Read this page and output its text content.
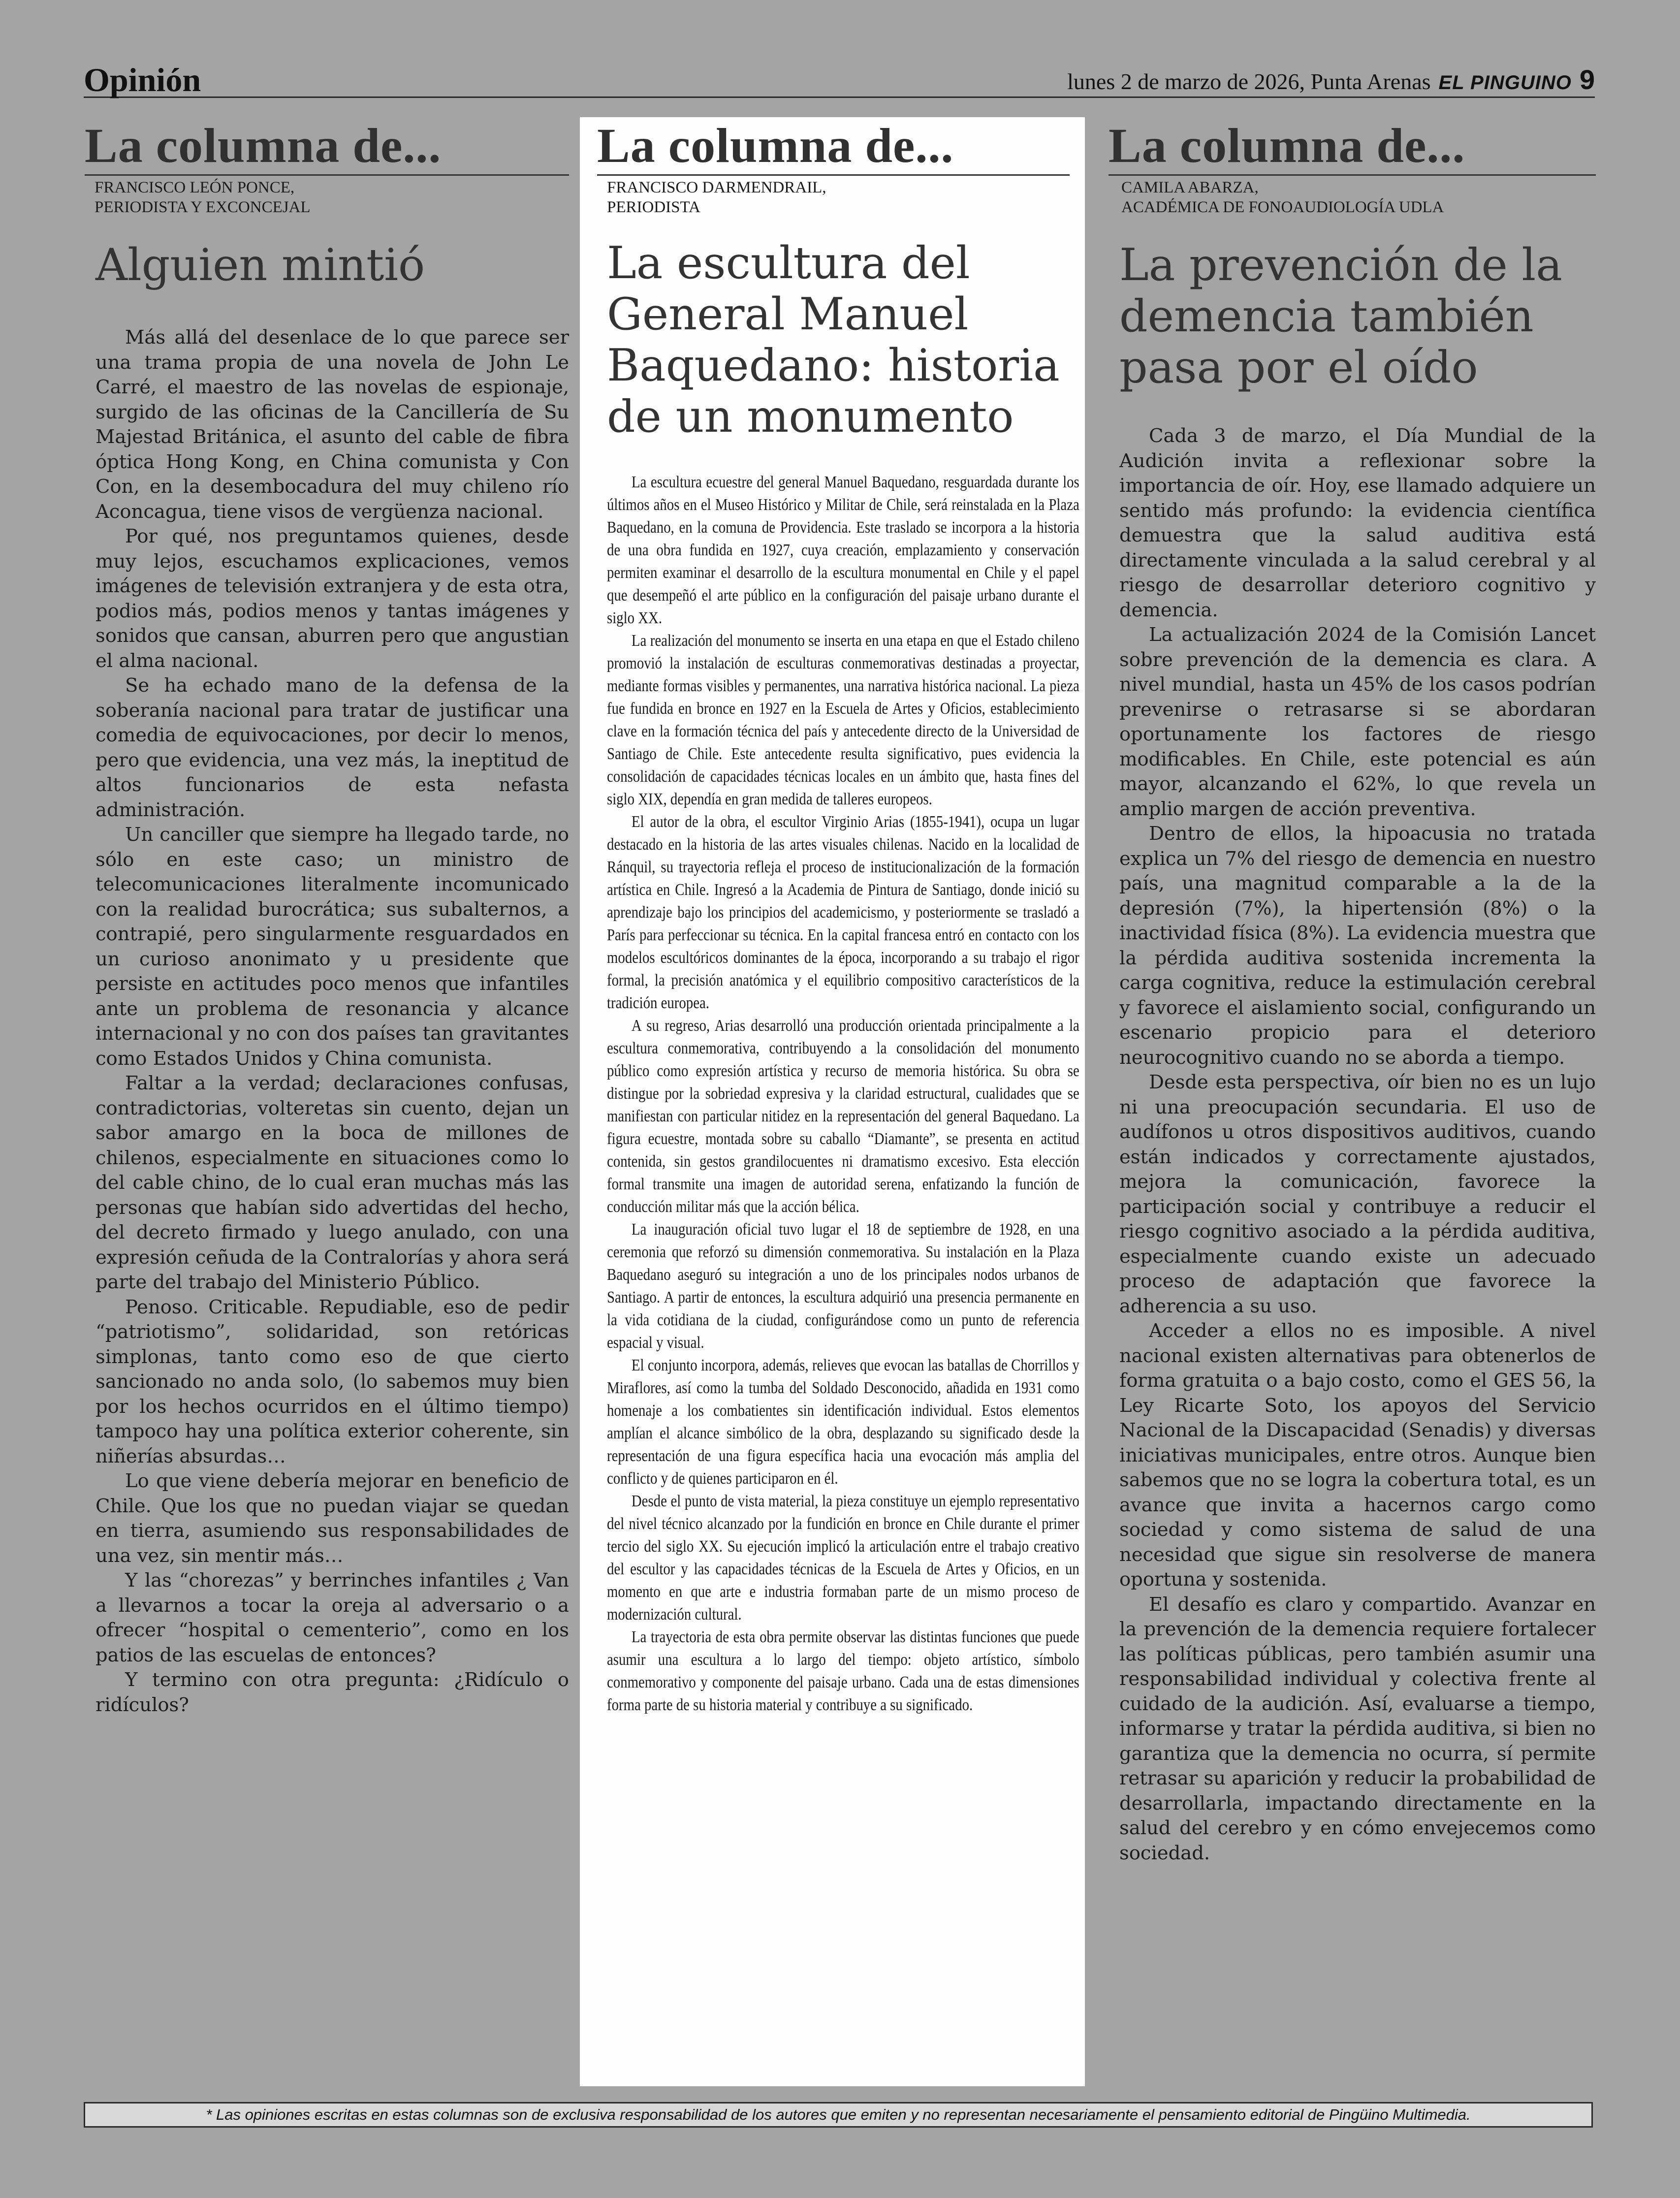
Opinión	lunes 2 de marzo de 2026, Punta Arenas EL PINGUINO 9
La columna de...
FRANCISCO LEÓN PONCE,
PERIODISTA Y EXCONCEJAL
Alguien mintió

Más allá del desenlace de lo que parece ser una trama propia de una novela de John Le Carré, el maestro de las novelas de espionaje, surgido de las oficinas de la Cancillería de Su Majestad Británica, el asunto del cable de fibra óptica Hong Kong, en China comunista y Con Con, en la desembocadura del muy chileno río Aconcagua, tiene visos de vergüenza nacional.

Por qué, nos preguntamos quienes, desde muy lejos, escuchamos explicaciones, vemos imágenes de televisión extranjera y de esta otra, podios más, podios menos y tantas imágenes y sonidos que cansan, aburren pero que angustian el alma nacional.

Se ha echado mano de la defensa de la soberanía nacional para tratar de justificar una comedia de equivocaciones, por decir lo menos, pero que evidencia, una vez más, la ineptitud de altos funcionarios de esta nefasta administración.

Un canciller que siempre ha llegado tarde, no sólo en este caso; un ministro de telecomunicaciones literalmente incomunicado con la realidad burocrática; sus subalternos, a contrapié, pero singularmente resguardados en un curioso anonimato y u presidente que persiste en actitudes poco menos que infantiles ante un problema de resonancia y alcance internacional y no con dos países tan gravitantes como Estados Unidos y China comunista.

Faltar a la verdad; declaraciones confusas, contradictorias, volteretas sin cuento, dejan un sabor amargo en la boca de millones de chilenos, especialmente en situaciones como lo del cable chino, de lo cual eran muchas más las personas que habían sido advertidas del hecho, del decreto firmado y luego anulado, con una expresión ceñuda de la Contralorías y ahora será parte del trabajo del Ministerio Público.

Penoso. Criticable. Repudiable, eso de pedir “patriotismo”, solidaridad, son retóricas simplonas, tanto como eso de que cierto sancionado no anda solo, (lo sabemos muy bien por los hechos ocurridos en el último tiempo) tampoco hay una política exterior coherente, sin niñerías absurdas…

Lo que viene debería mejorar en beneficio de Chile. Que los que no puedan viajar se quedan en tierra, asumiendo sus responsabilidades de una vez, sin mentir más…

Y las “chorezas” y berrinches infantiles ¿ Van a llevarnos a tocar la oreja al adversario o a ofrecer “hospital o cementerio”, como en los patios de las escuelas de entonces?

Y termino con otra pregunta: ¿Ridículo o ridículos?

La columna de...
FRANCISCO DARMENDRAIL,
PERIODISTA
La escultura del General Manuel Baquedano: historia de un monumento

La escultura ecuestre del general Manuel Baquedano, resguardada durante los últimos años en el Museo Histórico y Militar de Chile, será reinstalada en la Plaza Baquedano, en la comuna de Providencia. Este traslado se incorpora a la historia de una obra fundida en 1927, cuya creación, emplazamiento y conservación permiten examinar el desarrollo de la escultura monumental en Chile y el papel que desempeñó el arte público en la configuración del paisaje urbano durante el siglo XX.

La realización del monumento se inserta en una etapa en que el Estado chileno promovió la instalación de esculturas conmemorativas destinadas a proyectar, mediante formas visibles y permanentes, una narrativa histórica nacional. La pieza fue fundida en bronce en 1927 en la Escuela de Artes y Oficios, establecimiento clave en la formación técnica del país y antecedente directo de la Universidad de Santiago de Chile. Este antecedente resulta significativo, pues evidencia la consolidación de capacidades técnicas locales en un ámbito que, hasta fines del siglo XIX, dependía en gran medida de talleres europeos.

El autor de la obra, el escultor Virginio Arias (1855-1941), ocupa un lugar destacado en la historia de las artes visuales chilenas. Nacido en la localidad de Ránquil, su trayectoria refleja el proceso de institucionalización de la formación artística en Chile. Ingresó a la Academia de Pintura de Santiago, donde inició su aprendizaje bajo los principios del academicismo, y posteriormente se trasladó a París para perfeccionar su técnica. En la capital francesa entró en contacto con los modelos escultóricos dominantes de la época, incorporando a su trabajo el rigor formal, la precisión anatómica y el equilibrio compositivo característicos de la tradición europea.

A su regreso, Arias desarrolló una producción orientada principalmente a la escultura conmemorativa, contribuyendo a la consolidación del monumento público como expresión artística y recurso de memoria histórica. Su obra se distingue por la sobriedad expresiva y la claridad estructural, cualidades que se manifiestan con particular nitidez en la representación del general Baquedano. La figura ecuestre, montada sobre su caballo “Diamante”, se presenta en actitud contenida, sin gestos grandilocuentes ni dramatismo excesivo. Esta elección formal transmite una imagen de autoridad serena, enfatizando la función de conducción militar más que la acción bélica.

La inauguración oficial tuvo lugar el 18 de septiembre de 1928, en una ceremonia que reforzó su dimensión conmemorativa. Su instalación en la Plaza Baquedano aseguró su integración a uno de los principales nodos urbanos de Santiago. A partir de entonces, la escultura adquirió una presencia permanente en la vida cotidiana de la ciudad, configurándose como un punto de referencia espacial y visual.

El conjunto incorpora, además, relieves que evocan las batallas de Chorrillos y Miraflores, así como la tumba del Soldado Desconocido, añadida en 1931 como homenaje a los combatientes sin identificación individual. Estos elementos amplían el alcance simbólico de la obra, desplazando su significado desde la representación de una figura específica hacia una evocación más amplia del conflicto y de quienes participaron en él.

Desde el punto de vista material, la pieza constituye un ejemplo representativo del nivel técnico alcanzado por la fundición en bronce en Chile durante el primer tercio del siglo XX. Su ejecución implicó la articulación entre el trabajo creativo del escultor y las capacidades técnicas de la Escuela de Artes y Oficios, en un momento en que arte e industria formaban parte de un mismo proceso de modernización cultural.

La trayectoria de esta obra permite observar las distintas funciones que puede asumir una escultura a lo largo del tiempo: objeto artístico, símbolo conmemorativo y componente del paisaje urbano. Cada una de estas dimensiones forma parte de su historia material y contribuye a su significado.

La columna de...
CAMILA ABARZA,
ACADÉMICA DE FONOAUDIOLOGÍA UDLA
La prevención de la demencia también pasa por el oído

Cada 3 de marzo, el Día Mundial de la Audición invita a reflexionar sobre la importancia de oír. Hoy, ese llamado adquiere un sentido más profundo: la evidencia científica demuestra que la salud auditiva está directamente vinculada a la salud cerebral y al riesgo de desarrollar deterioro cognitivo y demencia.

La actualización 2024 de la Comisión Lancet sobre prevención de la demencia es clara. A nivel mundial, hasta un 45% de los casos podrían prevenirse o retrasarse si se abordaran oportunamente los factores de riesgo modificables. En Chile, este potencial es aún mayor, alcanzando el 62%, lo que revela un amplio margen de acción preventiva.

Dentro de ellos, la hipoacusia no tratada explica un 7% del riesgo de demencia en nuestro país, una magnitud comparable a la de la depresión (7%), la hipertensión (8%) o la inactividad física (8%). La evidencia muestra que la pérdida auditiva sostenida incrementa la carga cognitiva, reduce la estimulación cerebral y favorece el aislamiento social, configurando un escenario propicio para el deterioro neurocognitivo cuando no se aborda a tiempo.

Desde esta perspectiva, oír bien no es un lujo ni una preocupación secundaria. El uso de audífonos u otros dispositivos auditivos, cuando están indicados y correctamente ajustados, mejora la comunicación, favorece la participación social y contribuye a reducir el riesgo cognitivo asociado a la pérdida auditiva, especialmente cuando existe un adecuado proceso de adaptación que favorece la adherencia a su uso.

Acceder a ellos no es imposible. A nivel nacional existen alternativas para obtenerlos de forma gratuita o a bajo costo, como el GES 56, la Ley Ricarte Soto, los apoyos del Servicio Nacional de la Discapacidad (Senadis) y diversas iniciativas municipales, entre otros. Aunque bien sabemos que no se logra la cobertura total, es un avance que invita a hacernos cargo como sociedad y como sistema de salud de una necesidad que sigue sin resolverse de manera oportuna y sostenida.

El desafío es claro y compartido. Avanzar en la prevención de la demencia requiere fortalecer las políticas públicas, pero también asumir una responsabilidad individual y colectiva frente al cuidado de la audición. Así, evaluarse a tiempo, informarse y tratar la pérdida auditiva, si bien no garantiza que la demencia no ocurra, sí permite retrasar su aparición y reducir la probabilidad de desarrollarla, impactando directamente en la salud del cerebro y en cómo envejecemos como sociedad.

* Las opiniones escritas en estas columnas son de exclusiva responsabilidad de los autores que emiten y no representan necesariamente el pensamiento editorial de Pingüino Multimedia.
